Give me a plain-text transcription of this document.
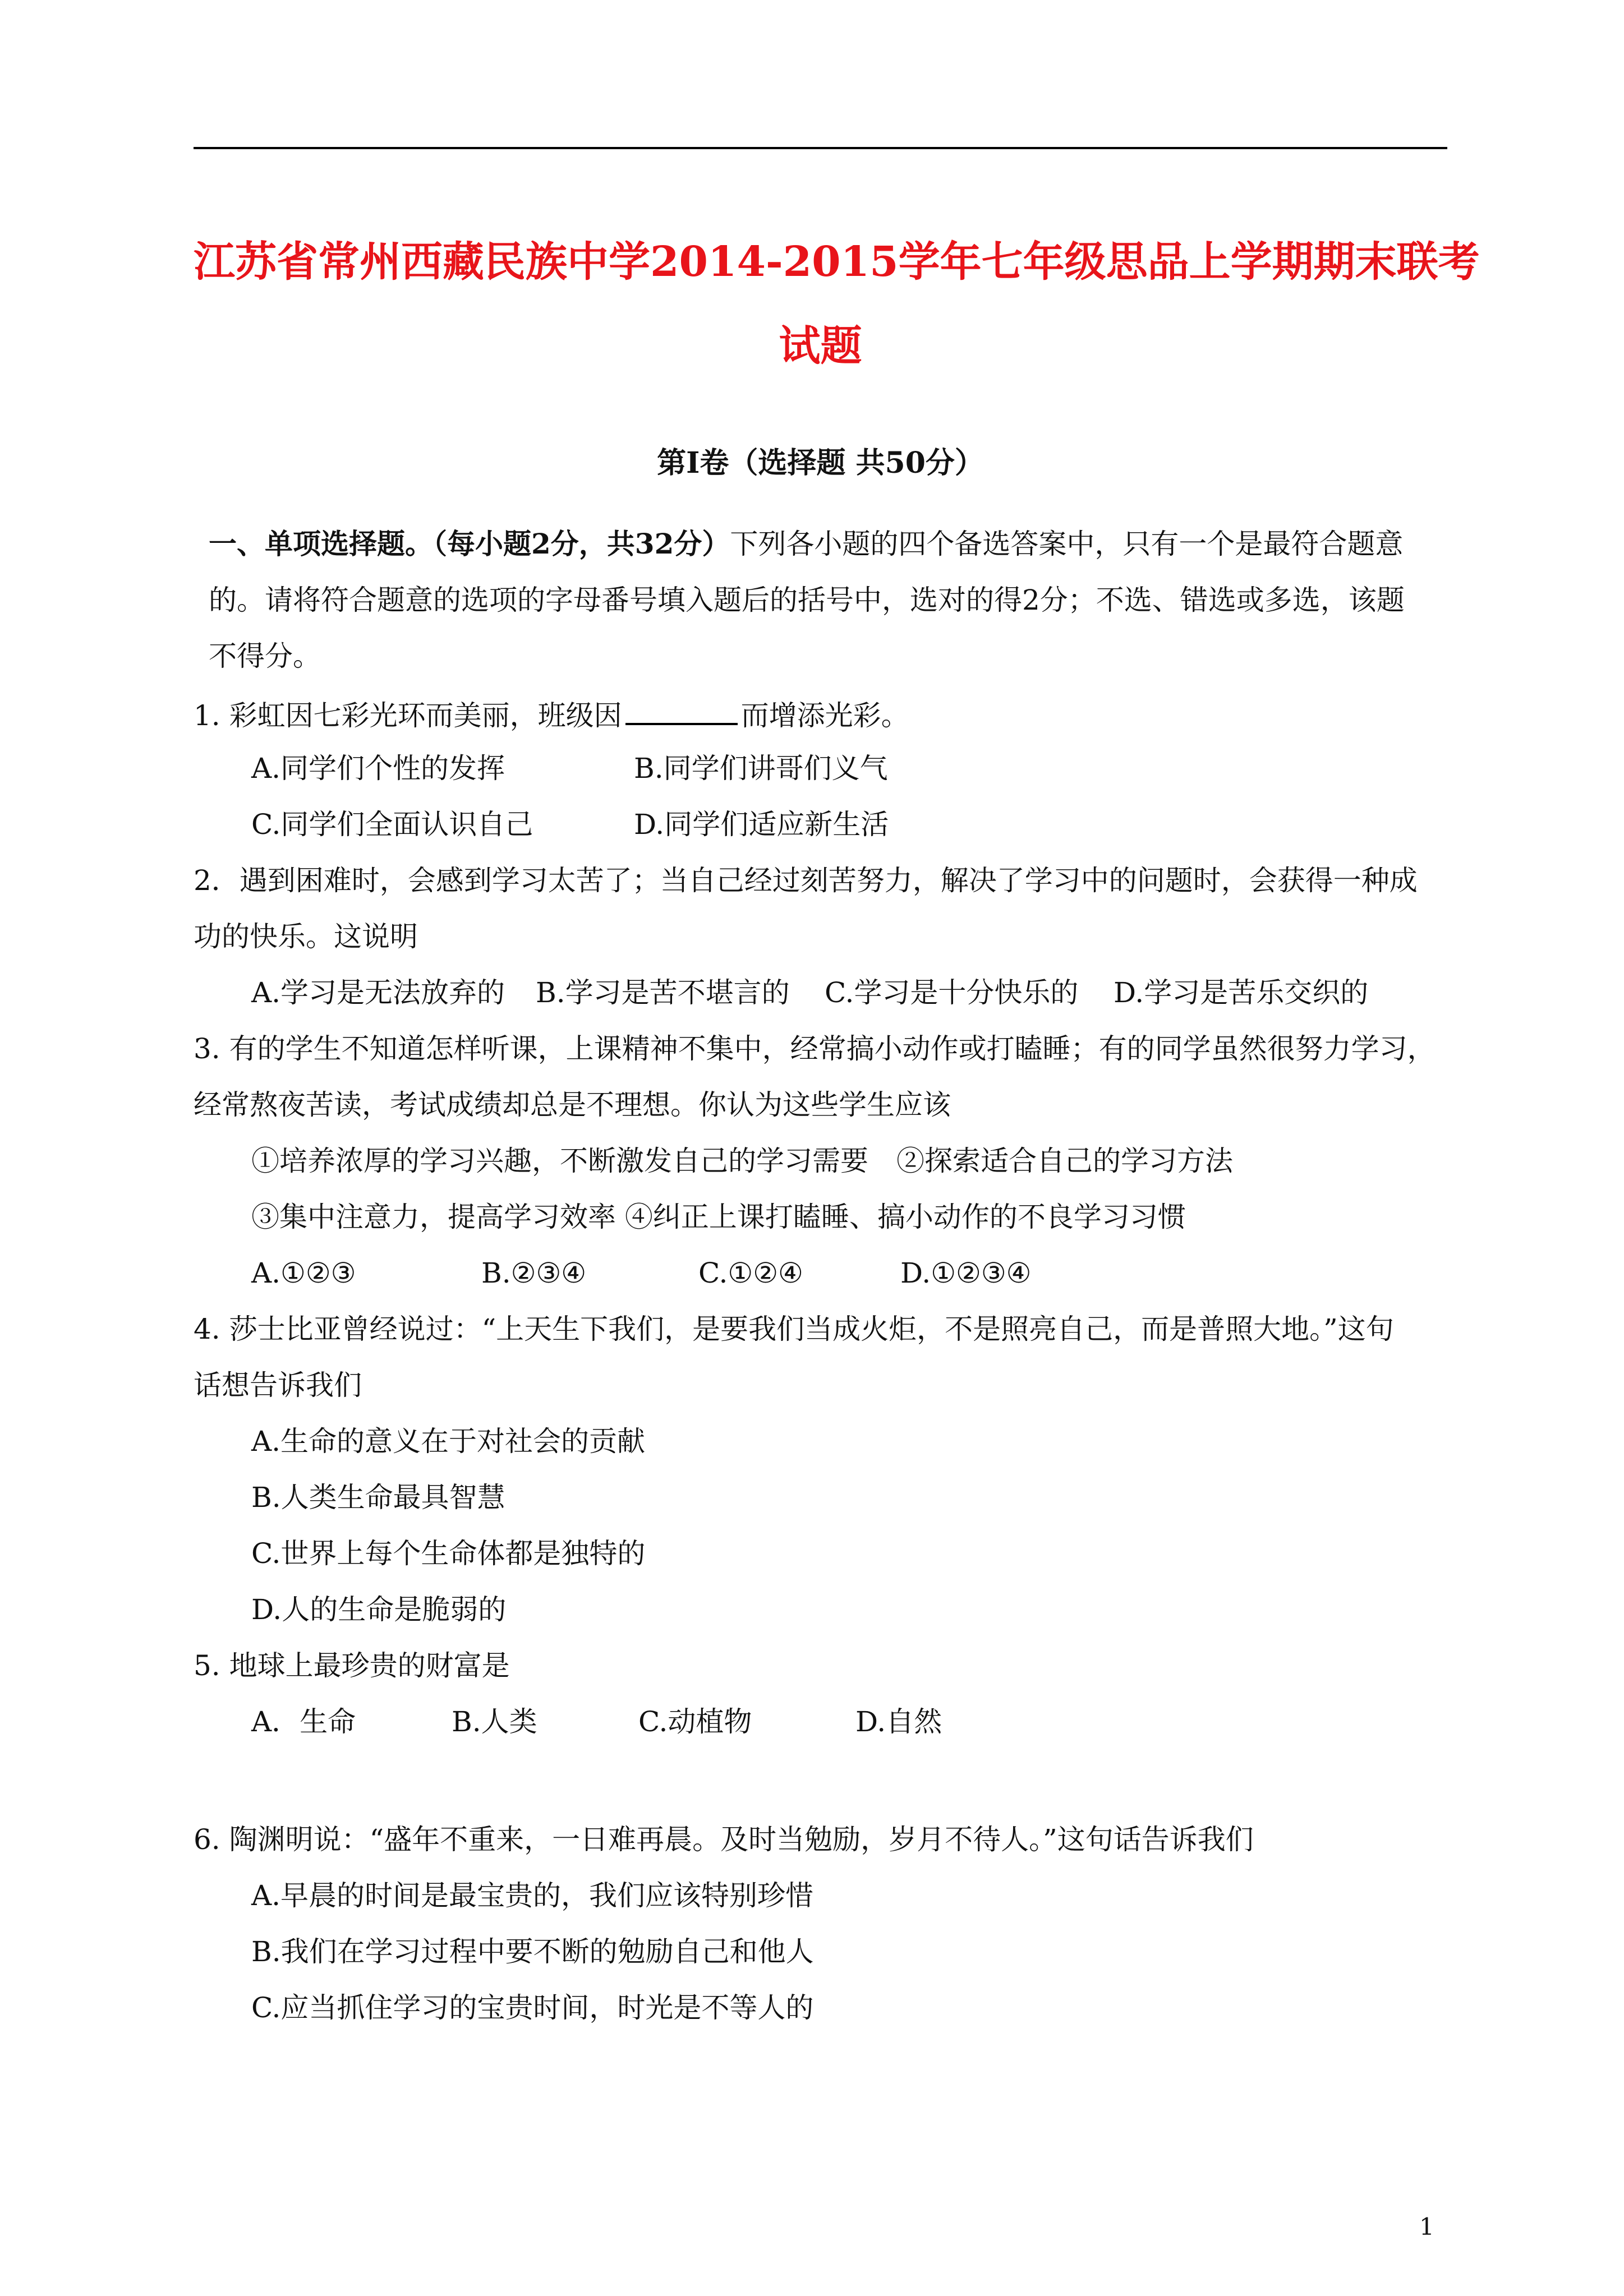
江苏省常州西藏民族中学2014-2015学年七年级思品上学期期末联考
试题
第Ⅰ卷（选择题 共50分）
一、单项选择题。（每小题2分，共32分）下列各小题的四个备选答案中，只有一个是最符合题意
的。请将符合题意的选项的字母番号填入题后的括号中，选对的得2分；不选、错选或多选，该题
不得分。
1. 彩虹因七彩光环而美丽，班级因	而增添光彩。
A.同学们个性的发挥	B.同学们讲哥们义气
C.同学们全面认识自己	D.同学们适应新生活
2．遇到困难时，会感到学习太苦了；当自己经过刻苦努力，解决了学习中的问题时，会获得一种成
功的快乐。这说明
A.学习是无法放弃的 B.学习是苦不堪言的 C.学习是十分快乐的 D.学习是苦乐交织的
3. 有的学生不知道怎样听课，上课精神不集中，经常搞小动作或打瞌睡；有的同学虽然很努力学习，
经常熬夜苦读，考试成绩却总是不理想。你认为这些学生应该
①培养浓厚的学习兴趣，不断激发自己的学习需要　②探索适合自己的学习方法
③集中注意力，提高学习效率 ④纠正上课打瞌睡、搞小动作的不良学习习惯
A.①②③	B.②③④	C.①②④	D.①②③④
4. 莎士比亚曾经说过：“上天生下我们，是要我们当成火炬，不是照亮自己，而是普照大地。”这句
话想告诉我们
A.生命的意义在于对社会的贡献
B.人类生命最具智慧
C.世界上每个生命体都是独特的
D.人的生命是脆弱的
5. 地球上最珍贵的财富是
A．生命	B.人类	C.动植物	D.自然
6. 陶渊明说：“盛年不重来，一日难再晨。及时当勉励，岁月不待人。”这句话告诉我们
A.早晨的时间是最宝贵的，我们应该特别珍惜
B.我们在学习过程中要不断的勉励自己和他人
C.应当抓住学习的宝贵时间，时光是不等人的
1
